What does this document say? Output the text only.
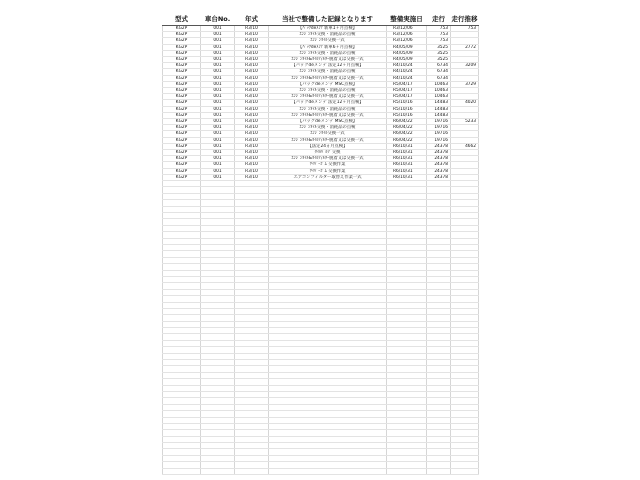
型式	車台No.	年式	当社で整備した記録となります	整備実施日	走行	走行推移
KG2P	001	R3/10	【ﾊﾟｯｸdeﾒﾝﾃ 新車1ヶ月点検】	R3/12/06	753	753
KG2P	001	R3/10	ｴﾝｼﾞﾝｵｲﾙ交換・消耗品の点検	R3/12/06	753	
KG2P	001	R3/10	ｴﾝｼﾞﾝｵｲﾙ交換一式	R3/12/06	753	
KG2P	001	R3/10	【ﾊﾟｯｸdeﾒﾝﾃ 新車6ヶ月点検】	R4/05/09	3525	2772
KG2P	001	R3/10	ｴﾝｼﾞﾝｵｲﾙ交換・消耗品の点検	R4/05/09	3525	
KG2P	001	R3/10	ｴﾝｼﾞﾝｵｲﾙ&ｵｲﾙﾌｨﾙﾀｰ脱着又は交換一式	R4/05/09	3525	
KG2P	001	R3/10	【パックdeメンテ 法定12ヶ月点検】	R4/10/24	6734	3209
KG2P	001	R3/10	ｴﾝｼﾞﾝｵｲﾙ交換・消耗品の点検	R4/10/24	6734	
KG2P	001	R3/10	ｴﾝｼﾞﾝｵｲﾙ&ｵｲﾙﾌｨﾙﾀｰ脱着又は交換一式	R4/10/24	6734	
KG2P	001	R3/10	【パックdeメンテ MSC点検】	R5/04/17	10463	3729
KG2P	001	R3/10	ｴﾝｼﾞﾝｵｲﾙ交換・消耗品の点検	R5/04/17	10463	
KG2P	001	R3/10	ｴﾝｼﾞﾝｵｲﾙ&ｵｲﾙﾌｨﾙﾀｰ脱着又は交換一式	R5/04/17	10463	
KG2P	001	R3/10	【パックdeメンテ 法定12ヶ月点検】	R5/10/16	14483	4020
KG2P	001	R3/10	ｴﾝｼﾞﾝｵｲﾙ交換・消耗品の点検	R5/10/16	14483	
KG2P	001	R3/10	ｴﾝｼﾞﾝｵｲﾙ&ｵｲﾙﾌｨﾙﾀｰ脱着又は交換一式	R5/10/16	14483	
KG2P	001	R3/10	【パックdeメンテ MSC点検】	R6/04/22	19716	5233
KG2P	001	R3/10	ｴﾝｼﾞﾝｵｲﾙ交換・消耗品の点検	R6/04/22	19716	
KG2P	001	R3/10	ｴﾝｼﾞﾝｵｲﾙ交換一式	R6/04/22	19716	
KG2P	001	R3/10	ｴﾝｼﾞﾝｵｲﾙ&ｵｲﾙﾌｨﾙﾀｰ脱着又は交換一式	R6/04/22	19716	
KG2P	001	R3/10	【法定24ヵ月点検】	R6/10/31	24378	4662
KG2P	001	R3/10	ﾀｲﾙﾊﾞﾙﾌﾞ交換	R6/10/31	24378	
KG2P	001	R3/10	ｴﾝｼﾞﾝｵｲﾙ&ｵｲﾙﾌｨﾙﾀｰ脱着又は交換一式	R6/10/31	24378	
KG2P	001	R3/10	ﾜｲﾊﾟｰｺﾞﾑ 交換作業	R6/10/31	24378	
KG2P	001	R3/10	ﾜｲﾊﾟｰｺﾞﾑ 交換作業	R6/10/31	24378	
KG2P	001	R3/10	エアコンフィルター取替え作業一式	R6/10/31	24378	
